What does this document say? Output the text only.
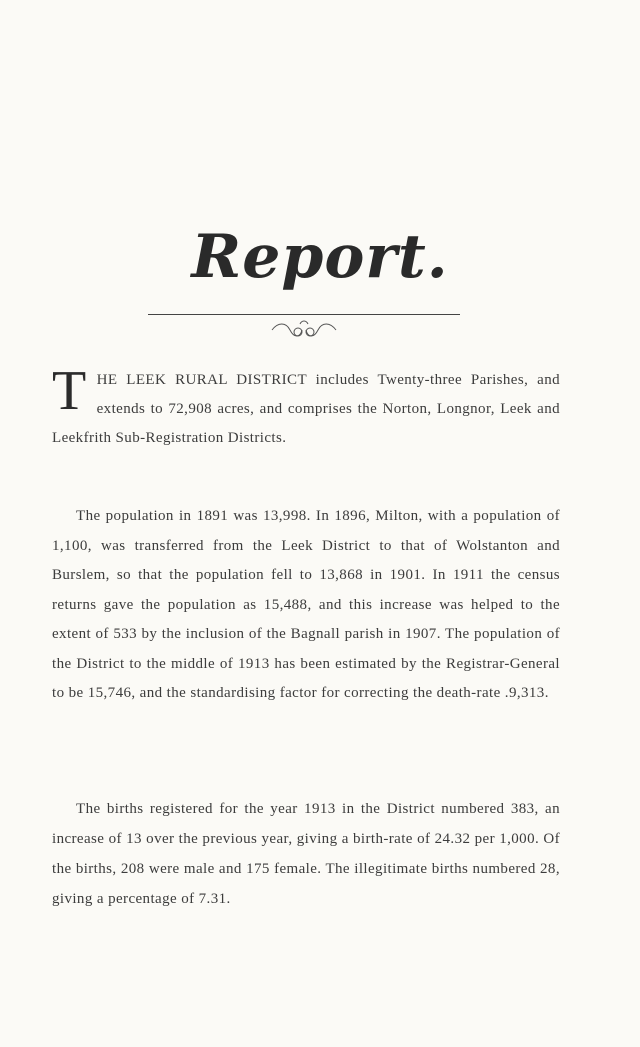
Report.
T HE LEEK RURAL DISTRICT includes Twenty-three Parishes, and extends to 72,908 acres, and comprises the Norton, Longnor, Leek and Leekfrith Sub-Registration Districts.
The population in 1891 was 13,998. In 1896, Milton, with a population of 1,100, was transferred from the Leek District to that of Wolstanton and Burslem, so that the population fell to 13,868 in 1901. In 1911 the census returns gave the population as 15,488, and this increase was helped to the extent of 533 by the inclusion of the Bagnall parish in 1907. The population of the District to the middle of 1913 has been estimated by the Registrar-General to be 15,746, and the standardising factor for correcting the death-rate .9,313.
The births registered for the year 1913 in the District numbered 383, an increase of 13 over the previous year, giving a birth-rate of 24.32 per 1,000. Of the births, 208 were male and 175 female. The illegitimate births numbered 28, giving a percentage of 7.31.
